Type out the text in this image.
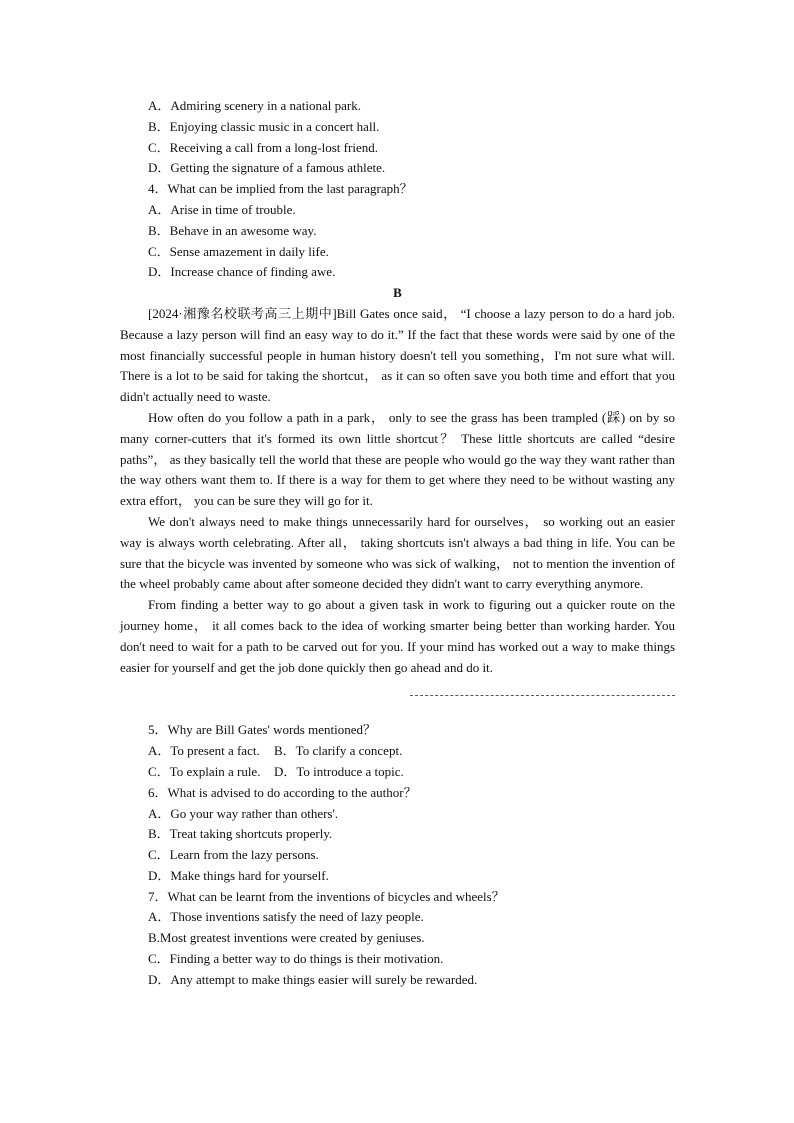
A．Admiring scenery in a national park.
B．Enjoying classic music in a concert hall.
C．Receiving a call from a long-lost friend.
D．Getting the signature of a famous athlete.
4．What can be implied from the last paragraph？
A．Arise in time of trouble.
B．Behave in an awesome way.
C．Sense amazement in daily life.
D．Increase chance of finding awe.
B

[2024·湘豫名校联考高三上期中]Bill Gates once said， “I choose a lazy person to do a hard job. Because a lazy person will find an easy way to do it.” If the fact that these words were said by one of the most financially successful people in human history doesn't tell you something，I'm not sure what will. There is a lot to be said for taking the shortcut， as it can so often save you both time and effort that you didn't actually need to waste.

How often do you follow a path in a park， only to see the grass has been trampled (踩) on by so many corner-cutters that it's formed its own little shortcut？ These little shortcuts are called “desire paths”， as they basically tell the world that these are people who would go the way they want rather than the way others want them to. If there is a way for them to get where they need to be without wasting any extra effort， you can be sure they will go for it.

We don't always need to make things unnecessarily hard for ourselves， so working out an easier way is always worth celebrating. After all， taking shortcuts isn't always a bad thing in life. You can be sure that the bicycle was invented by someone who was sick of walking， not to mention the invention of the wheel probably came about after someone decided they didn't want to carry everything anymore.

From finding a better way to go about a given task in work to figuring out a quicker route on the journey home， it all comes back to the idea of working smarter being better than working harder. You don't need to wait for a path to be carved out for you. If your mind has worked out a way to make things easier for yourself and get the job done quickly then go ahead and do it.

5．Why are Bill Gates' words mentioned？
A．To present a fact. B．To clarify a concept.
C．To explain a rule. D．To introduce a topic.
6．What is advised to do according to the author？
A．Go your way rather than others'.
B．Treat taking shortcuts properly.
C．Learn from the lazy persons.
D．Make things hard for yourself.
7．What can be learnt from the inventions of bicycles and wheels？
A．Those inventions satisfy the need of lazy people.
B.Most greatest inventions were created by geniuses.
C．Finding a better way to do things is their motivation.
D．Any attempt to make things easier will surely be rewarded.
